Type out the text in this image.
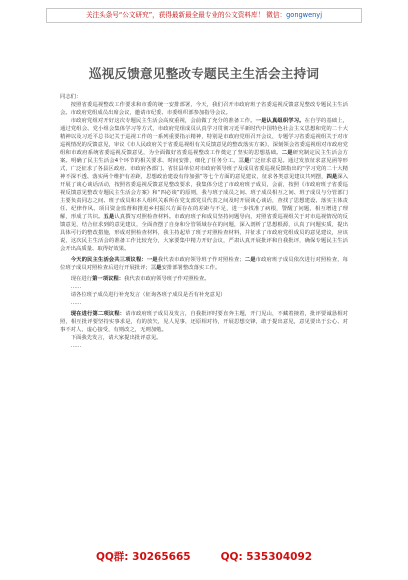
关注头条号“公文研究”，获得最新最全最专业的公文资料库！ 微信：gongwenyj
巡视反馈意见整改专题民主生活会主持词

同志们：

按照省委巡视整改工作要求和市委的统一安排部署，今天，我们召开市政府班子省委巡视反馈意见整改专题民主生活会。市政府党组成员出席会议，邀请市纪委、市委组织部参加指导会议。

市政府党组对开好这次专题民主生活会高度重视，会前做了充分的准备工作。一是认真组织学习。在自学的基础上，通过党组会、党小组会集体学习等方式，市政府党组成员认真学习贯彻习近平新时代中国特色社会主义思想和党的二十大精神以及习近平总书记关于巡视工作的一系列重要指示精神，特别是市政府党组召开会议，专题学习省委巡视组关于对市巡视情况的反馈意见，审议《市人民政府关于省委巡视组有关反馈意见的整改落实方案》，深刻领会省委巡视组对市政府党组和市政府系统省委巡视反馈意见，为全面做好省委巡视整改工作奠定了坚实的思想基础。二是研究制定民主生活会方案。明确了民主生活会4个环节的相关要求、时间安排，细化了任务分工。三是广泛征求意见。通过发放征求意见函等形式，广泛征求了各县区政府、市政府各部门、省驻县单位对市政府领导班子及成员省委巡视反馈指出的“学习党的二十大精神不深不透、落实两个维护有差距，思想政治建设有待加强”等七个方面的意见建议，征求各类意见建议共列摆，四是深入开展了谈心谈话活动，按照省委巡视反馈意见整改要求，我集体分送了市政府班子成员，会前，按照《市政府班子省委巡视反馈意见整改专题民主生活会方案》和“四必谈”的原则，我与班子成员之间、班子成员相互之间、班子成员与分管部门主要负责同志之间、班子成员和本人组织关系所在党支部党员代表之间及时开展谈心谈话，查找了思想建设、落实主体责任、纪律作风、项目资金监督和推进乡村振兴方面存在的差距与不足，进一步找准了病根，警醒了问题，相互增进了理解，形成了共识。五是认真撰写对照检查材料。市政府班子和成员坚持问题导向，对照省委巡视组关于对市巡视情况的反馈意见，结合征求到的意见建议，全面查摆了自身和分管领域存在的问题，深入剖析了思想根源，认真了问题实质，提出具体可行的整改措施，形成对照检查材料，我主持起草了班子对照检查材料，并征求了市政府党组成员的意见建议，应该说，这次民主生活会的准备工作比较充分，大家要集中精力开好会议，严肃认真开展批评和自我批评，确保专题民主生活会开出高质量、取得好效果。

今天的民主生活会共三项议程：一是我代表市政府领导班子作对照检查；二是市政府班子成员依次进行对照检查，每位班子成员对照检查后进行开展批评；三是安排部署整改落实工作。

现在进行第一项议程：我代表市政府领导班子作对照检查。

……

请各位班子成员进行补充发言（征询各班子成员是否有补充意见）

……

现在进行第二项议程：请市政府班子成员及发言，自我批评时要直奔主题，开门见山，不藏着掖着，批评要诚恳相对照，相互批评要坚持实事求是，有的放矢，见人见事，还原相对待，开展思想交锋，敢于提出意见，意见要出于公心、对事不对人，虚心接受，有则改之，无则加勉。

下面我先发言，请大家提出批评意见。

……

QQ群: 30265665	QQ: 535304092
